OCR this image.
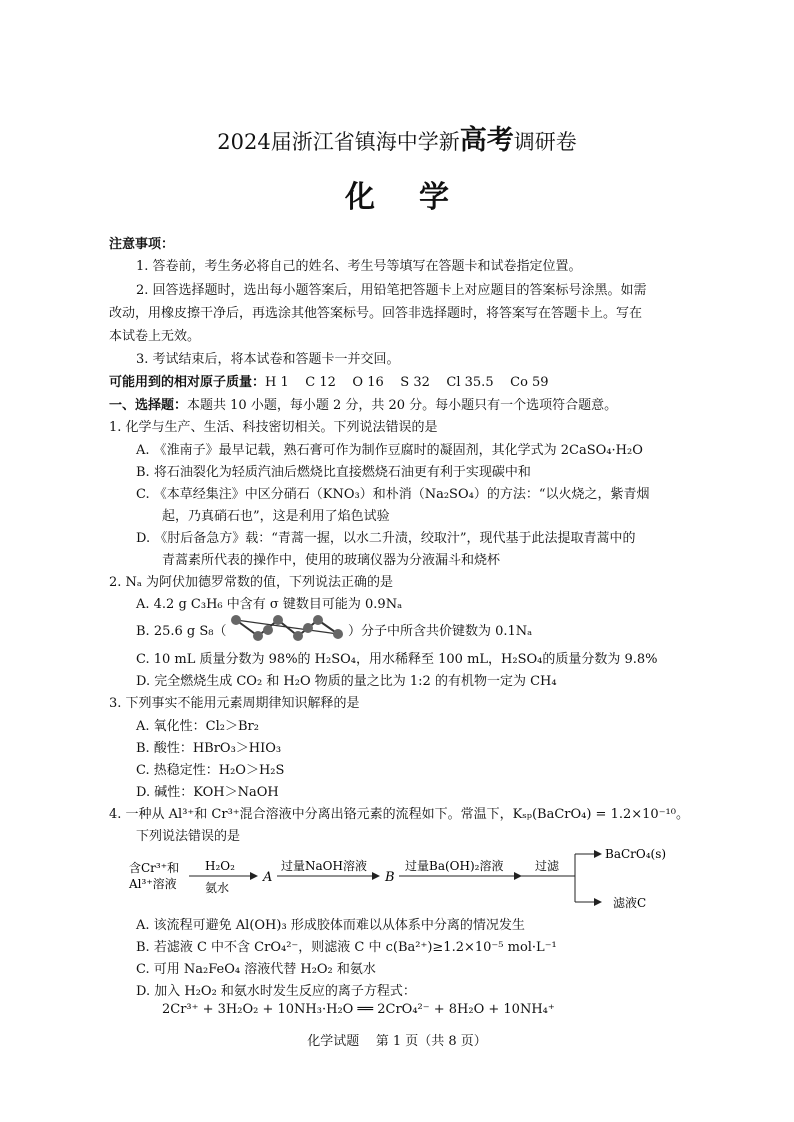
2024届浙江省镇海中学新高考调研卷
化学
注意事项：
1. 答卷前，考生务必将自己的姓名、考生号等填写在答题卡和试卷指定位置。
2. 回答选择题时，选出每小题答案后，用铅笔把答题卡上对应题目的答案标号涂黑。如需
改动，用橡皮擦干净后，再选涂其他答案标号。回答非选择题时，将答案写在答题卡上。写在
本试卷上无效。
3. 考试结束后，将本试卷和答题卡一并交回。
可能用到的相对原子质量：H 1    C 12    O 16    S 32    Cl 35.5    Co 59
一、选择题：本题共 10 小题，每小题 2 分，共 20 分。每小题只有一个选项符合题意。
1. 化学与生产、生活、科技密切相关。下列说法错误的是
A. 《淮南子》最早记载，熟石膏可作为制作豆腐时的凝固剂，其化学式为 2CaSO₄·H₂O
B. 将石油裂化为轻质汽油后燃烧比直接燃烧石油更有利于实现碳中和
C. 《本草经集注》中区分硝石（KNO₃）和朴消（Na₂SO₄）的方法：“以火烧之，紫青烟
起，乃真硝石也”，这是利用了焰色试验
D. 《肘后备急方》载：“青蒿一握，以水二升渍，绞取汁”，现代基于此法提取青蒿中的
青蒿素所代表的操作中，使用的玻璃仪器为分液漏斗和烧杯
2. Nₐ 为阿伏加德罗常数的值，下列说法正确的是
A. 4.2 g C₃H₆ 中含有 σ 键数目可能为 0.9Nₐ
B. 25.6 g S₈（	）分子中所含共价键数为 0.1Nₐ
C. 10 mL 质量分数为 98%的 H₂SO₄，用水稀释至 100 mL，H₂SO₄的质量分数为 9.8%
D. 完全燃烧生成 CO₂ 和 H₂O 物质的量之比为 1:2 的有机物一定为 CH₄
3. 下列事实不能用元素周期律知识解释的是
A. 氧化性：Cl₂＞Br₂
B. 酸性：HBrO₃＞HIO₃
C. 热稳定性：H₂O＞H₂S
D. 碱性：KOH＞NaOH
4. 一种从 Al³⁺和 Cr³⁺混合溶液中分离出铬元素的流程如下。常温下，Kₛₚ(BaCrO₄) = 1.2×10⁻¹⁰。
下列说法错误的是
含Cr³⁺和
Al³⁺溶液
H₂O₂
氨水
A
过量NaOH溶液
B
过量Ba(OH)₂溶液	过滤
BaCrO₄(s)
滤液C
A. 该流程可避免 Al(OH)₃ 形成胶体而难以从体系中分离的情况发生
B. 若滤液 C 中不含 CrO₄²⁻，则滤液 C 中 c(Ba²⁺)≥1.2×10⁻⁵ mol·L⁻¹
C. 可用 Na₂FeO₄ 溶液代替 H₂O₂ 和氨水
D. 加入 H₂O₂ 和氨水时发生反应的离子方程式：
2Cr³⁺ + 3H₂O₂ + 10NH₃·H₂O ══ 2CrO₄²⁻ + 8H₂O + 10NH₄⁺
化学试题    第 1 页（共 8 页）
